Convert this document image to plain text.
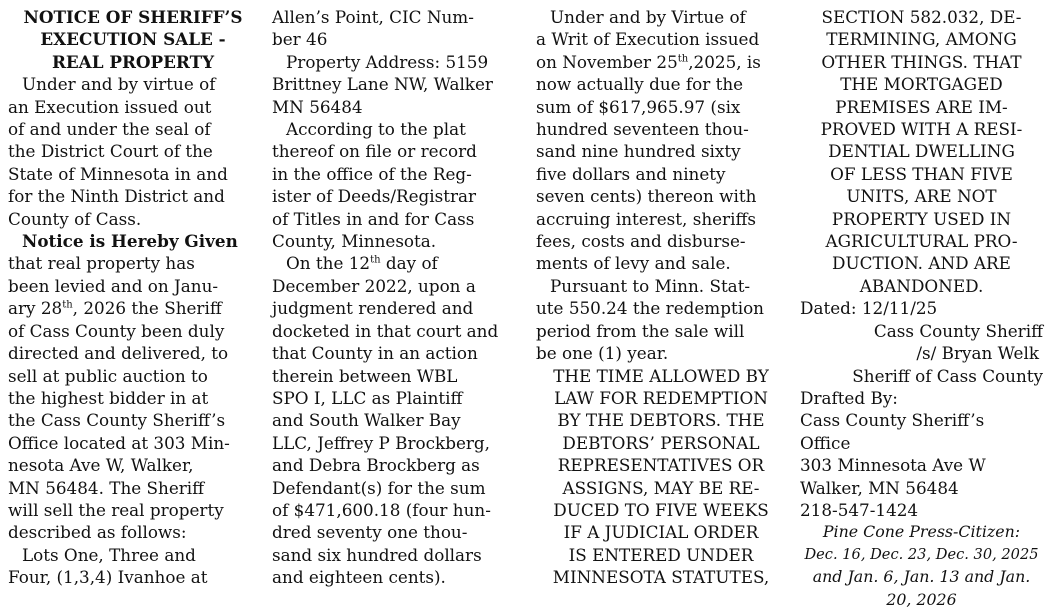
NOTICE OF SHERIFF’S
EXECUTION SALE -
REAL PROPERTY
Under and by virtue of
an Execution issued out
of and under the seal of
the District Court of the
State of Minnesota in and
for the Ninth District and
County of Cass.
Notice is Hereby Given
that real property has
been levied and on Janu-
ary 28th, 2026 the Sheriff
of Cass County been duly
directed and delivered, to
sell at public auction to
the highest bidder in at
the Cass County Sheriff’s
Office located at 303 Min-
nesota Ave W, Walker,
MN 56484. The Sheriff
will sell the real property
described as follows:
Lots One, Three and
Four, (1,3,4) Ivanhoe at
Allen’s Point, CIC Num-
ber 46
Property Address: 5159
Brittney Lane NW, Walker
MN 56484
According to the plat
thereof on file or record
in the office of the Reg-
ister of Deeds/Registrar
of Titles in and for Cass
County, Minnesota.
On the 12th day of
December 2022, upon a
judgment rendered and
docketed in that court and
that County in an action
therein between WBL
SPO I, LLC as Plaintiff
and South Walker Bay
LLC, Jeffrey P Brockberg,
and Debra Brockberg as
Defendant(s) for the sum
of $471,600.18 (four hun-
dred seventy one thou-
sand six hundred dollars
and eighteen cents).
Under and by Virtue of
a Writ of Execution issued
on November 25th,2025, is
now actually due for the
sum of $617,965.97 (six
hundred seventeen thou-
sand nine hundred sixty
five dollars and ninety
seven cents) thereon with
accruing interest, sheriffs
fees, costs and disburse-
ments of levy and sale.
Pursuant to Minn. Stat-
ute 550.24 the redemption
period from the sale will
be one (1) year.
THE TIME ALLOWED BY
LAW FOR REDEMPTION
BY THE DEBTORS. THE
DEBTORS’ PERSONAL
REPRESENTATIVES OR
ASSIGNS, MAY BE RE-
DUCED TO FIVE WEEKS
IF A JUDICIAL ORDER
IS ENTERED UNDER
MINNESOTA STATUTES,
SECTION 582.032, DE-
TERMINING, AMONG
OTHER THINGS. THAT
THE MORTGAGED
PREMISES ARE IM-
PROVED WITH A RESI-
DENTIAL DWELLING
OF LESS THAN FIVE
UNITS, ARE NOT
PROPERTY USED IN
AGRICULTURAL PRO-
DUCTION. AND ARE
ABANDONED.
Dated: 12/11/25
Cass County Sheriff
/s/ Bryan Welk
Sheriff of Cass County
Drafted By:
Cass County Sheriff’s
Office
303 Minnesota Ave W
Walker, MN 56484
218-547-1424
Pine Cone Press-Citizen:
Dec. 16, Dec. 23, Dec. 30, 2025
and Jan. 6, Jan. 13 and Jan.
20, 2026
